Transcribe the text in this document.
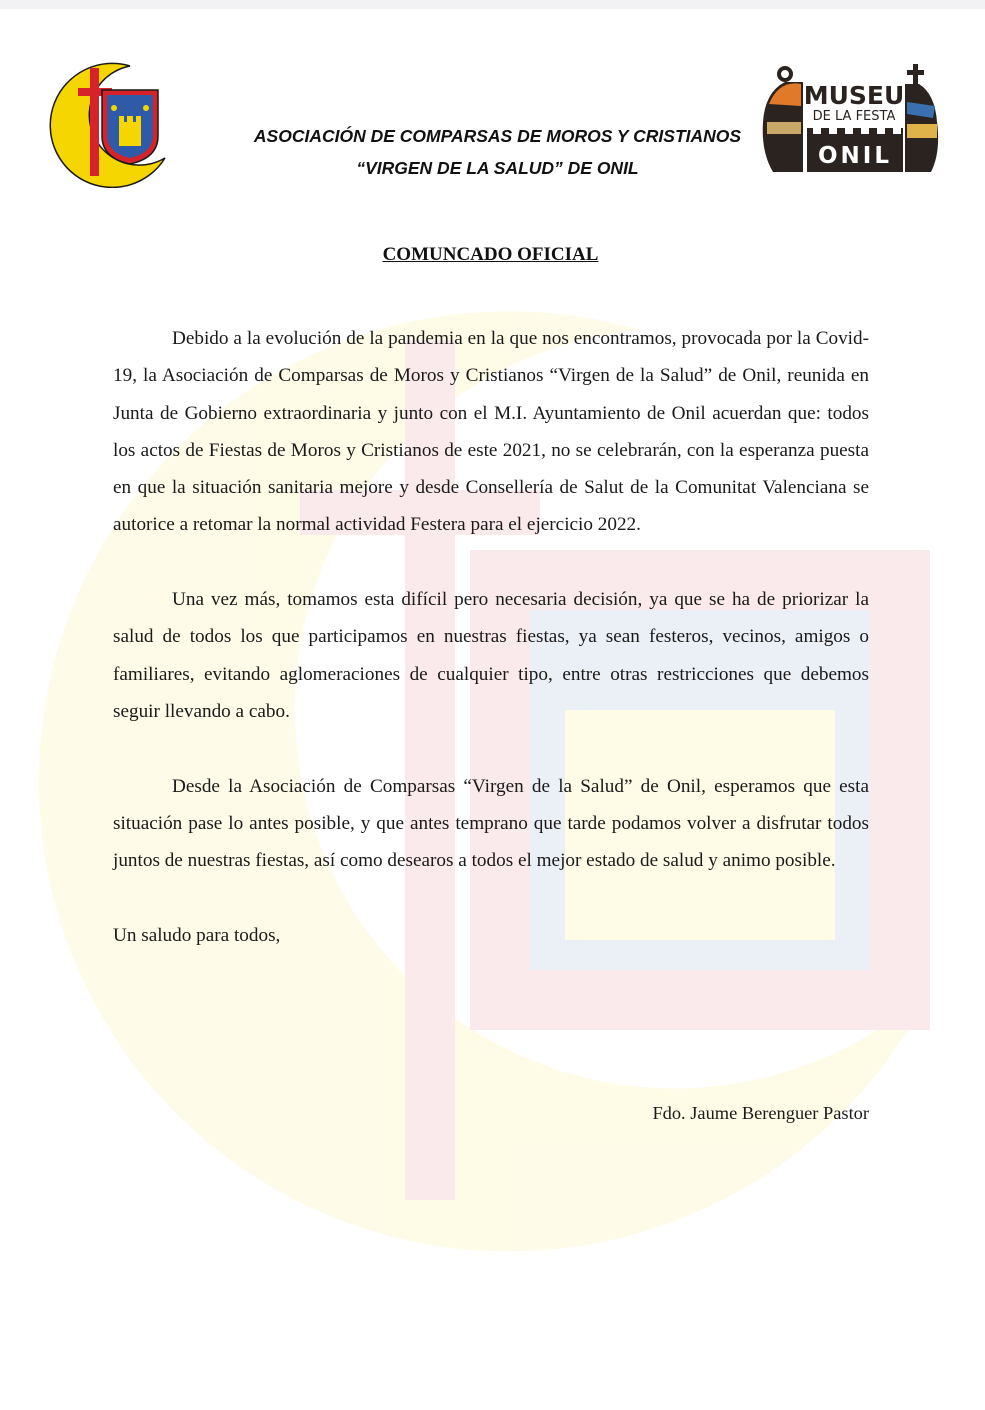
ASOCIACIÓN DE COMPARSAS DE MOROS Y CRISTIANOS
“VIRGEN DE LA SALUD” DE ONIL
MUSEU
DE LA FESTA
ONIL
COMUNCADO OFICIAL

Debido a la evolución de la pandemia en la que nos encontramos, provocada por la Covid-19, la Asociación de Comparsas de Moros y Cristianos “Virgen de la Salud” de Onil, reunida en Junta de Gobierno extraordinaria y junto con el M.I. Ayuntamiento de Onil acuerdan que: todos los actos de Fiestas de Moros y Cristianos de este 2021, no se celebrarán, con la esperanza puesta en que la situación sanitaria mejore y desde Consellería de Salut de la Comunitat Valenciana se autorice a retomar la normal actividad Festera para el ejercicio 2022.

Una vez más, tomamos esta difícil pero necesaria decisión, ya que se ha de priorizar la salud de todos los que participamos en nuestras fiestas, ya sean festeros, vecinos, amigos o familiares, evitando aglomeraciones de cualquier tipo, entre otras restricciones que debemos seguir llevando a cabo.

Desde la Asociación de Comparsas “Virgen de la Salud” de Onil, esperamos que esta situación pase lo antes posible, y que antes temprano que tarde podamos volver a disfrutar todos juntos de nuestras fiestas, así como desearos a todos el mejor estado de salud y animo posible.

Un saludo para todos,

Fdo. Jaume Berenguer Pastor
